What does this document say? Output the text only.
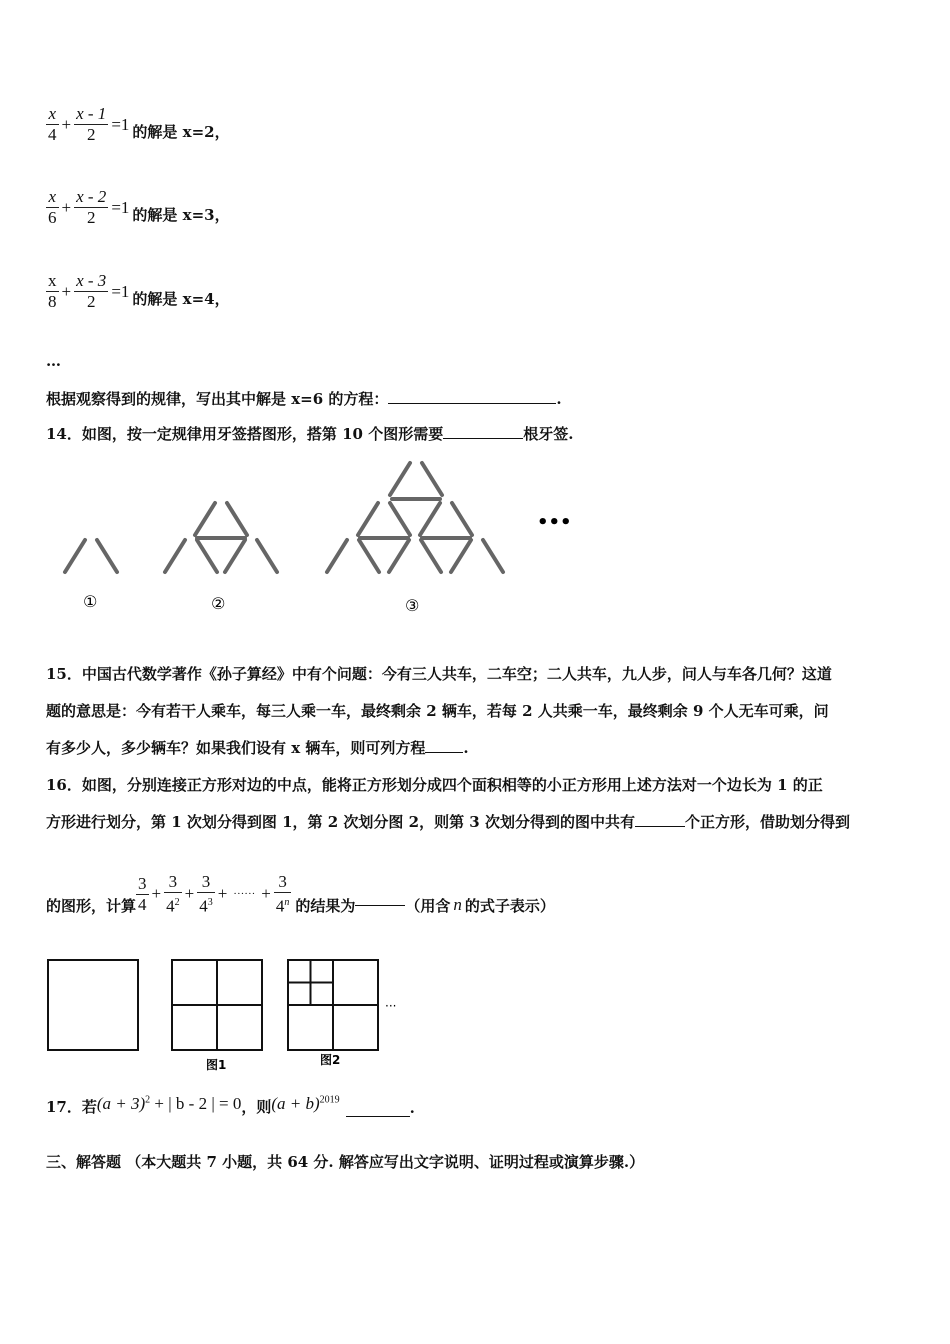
$\frac{x}{4} + \frac{x - 1}{2} =1$ 的解是 x=2，
$\frac{x}{6} + \frac{x - 2}{2} =1$ 的解是 x=3，
$\frac{x}{8} + \frac{x - 3}{2} =1$ 的解是 x=4，
…
根据观察得到的规律，写出其中解是 x=6 的方程：	.
14．如图，按一定规律用牙签搭图形，搭第 10 个图形需要	根牙签.
①	②	③
•••
15．中国古代数学著作《孙子算经》中有个问题：今有三人共车，二车空；二人共车，九人步，问人与车各几何？这道
题的意思是：今有若干人乘车，每三人乘一车，最终剩余 2 辆车，若每 2 人共乘一车，最终剩余 9 个人无车可乘，问
有多少人，多少辆车？如果我们设有 x 辆车，则可列方程	.
16．如图，分别连接正方形对边的中点，能将正方形划分成四个面积相等的小正方形用上述方法对一个边长为 1 的正
方形进行划分，第 1 次划分得到图 1，第 2 次划分图 2，则第 3 次划分得到的图中共有	个正方形，借助划分得到
的图形，计算 $\frac{3}{4} + \frac{3}{4^2} + \frac{3}{4^3}$ + ······ + $\frac{3}{4^n}$ 的结果为	（用含 n 的式子表示）
图1	图2
···
17．若 $(a + 3)^2$ + | b - 2 | = 0 ，则 $(a + b)^{2019}$	.
三、解答题 （本大题共 7 小题，共 64 分. 解答应写出文字说明、证明过程或演算步骤.）
